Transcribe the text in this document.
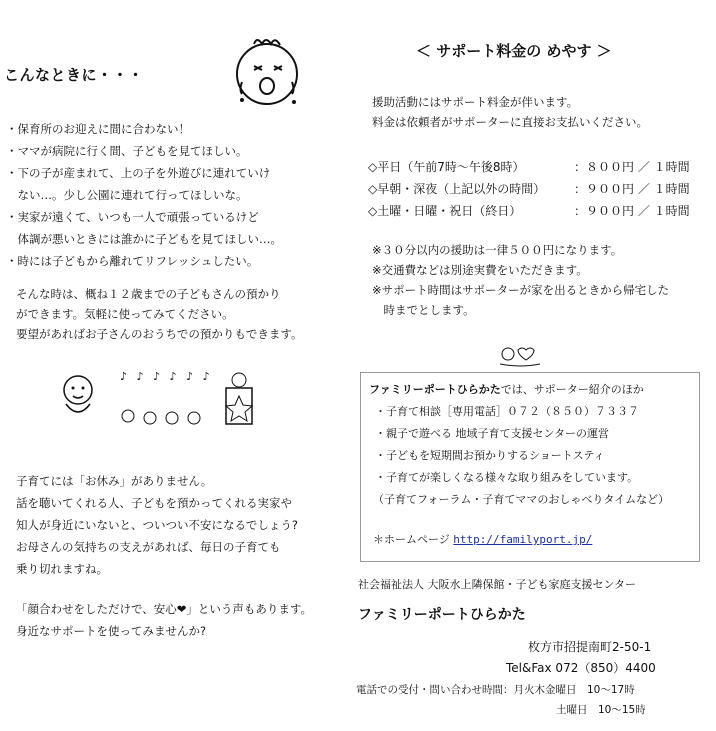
こんなときに・・・
・保育所のお迎えに間に合わない！
・ママが病院に行く間、子どもを見てほしい。
・下の子が産まれて、上の子を外遊びに連れていけ
　ない…。少し公園に連れて行ってほしいな。
・実家が遠くて、いつも一人で頑張っているけど
　体調が悪いときには誰かに子どもを見てほしい…。
・時には子どもから離れてリフレッシュしたい。
そんな時は、概ね１２歳までの子どもさんの預かり
ができます。気軽に使ってみてください。
要望があればお子さんのおうちでの預かりもできます。
♪ ♪ ♪ ♪ ♪ ♪
子育てには「お休み」がありません。
話を聴いてくれる人、子どもを預かってくれる実家や
知人が身近にいないと、ついつい不安になるでしょう?
お母さんの気持ちの支えがあれば、毎日の子育ても
乗り切れますね。
「顔合わせをしただけで、安心❤」という声もあります。
身近なサポートを使ってみませんか?
＜ サポート料金の めやす ＞
援助活動にはサポート料金が伴います。
料金は依頼者がサポーターに直接お支払いください。
◇平日（午前7時〜午後8時）	：８００円 ／ １時間
◇早朝・深夜（上記以外の時間） ：９００円 ／ １時間
◇土曜・日曜・祝日（終日）	：９００円 ／ １時間
※３０分以内の援助は一律５００円になります。
※交通費などは別途実費をいただきます。
※サポート時間はサポーターが家を出るときから帰宅した
　時までとします。
ファミリーポートひらかたでは、サポーター紹介のほか
・子育て相談［専用電話］０７２（８５０）７３３７
・親子で遊べる 地域子育て支援センターの運営
・子どもを短期間お預かりするショートスティ
・子育てが楽しくなる様々な取り組みをしています。
（子育てフォーラム・子育てママのおしゃべりタイムなど）
＊ホームページ http://familyport.jp/
社会福祉法人 大阪水上隣保館・子ども家庭支援センター
ファミリーポートひらかた
枚方市招提南町2-50-1
Tel&Fax 072（850）4400
電話での受付・問い合わせ時間：月火木金曜日　10〜17時
土曜日　10〜15時
